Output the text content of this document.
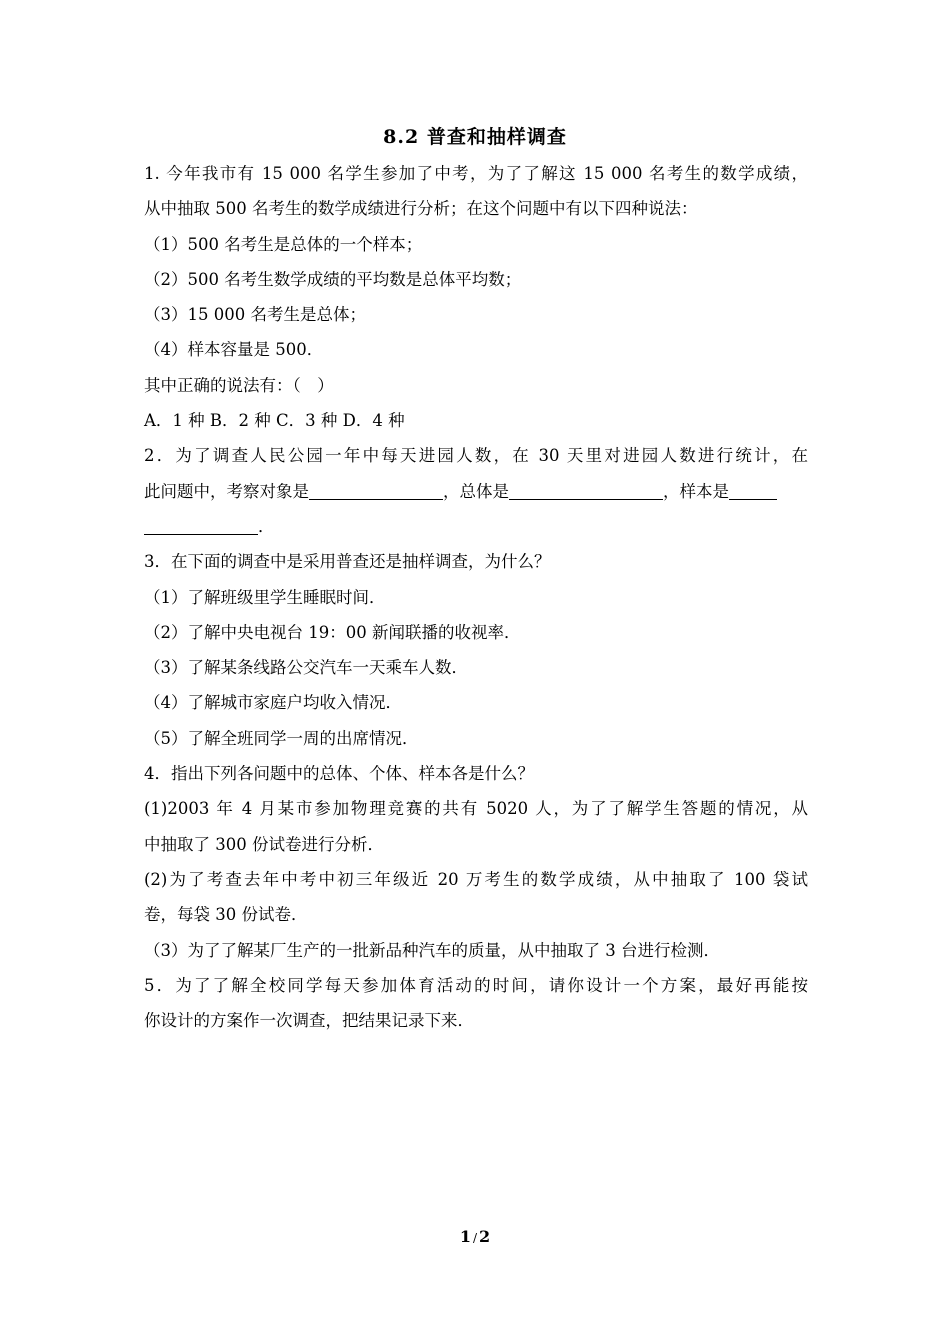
8.2 普查和抽样调查
1. 今年我市有 15 000 名学生参加了中考，为了了解这 15 000 名考生的数学成绩，
从中抽取 500 名考生的数学成绩进行分析；在这个问题中有以下四种说法：
（1）500 名考生是总体的一个样本；
（2）500 名考生数学成绩的平均数是总体平均数；
（3）15 000 名考生是总体；
（4）样本容量是 500．
其中正确的说法有：（　）
A．1 种 B．2 种 C．3 种 D．4 种
2．为了调查人民公园一年中每天进园人数，在 30 天里对进园人数进行统计，在
此问题中，考察对象是	，总体是	，样本是
．
3．在下面的调查中是采用普查还是抽样调查，为什么？
（1）了解班级里学生睡眠时间．
（2）了解中央电视台 19：00 新闻联播的收视率．
（3）了解某条线路公交汽车一天乘车人数．
（4）了解城市家庭户均收入情况．
（5）了解全班同学一周的出席情况．
4．指出下列各问题中的总体、个体、样本各是什么？
(1)2003 年 4 月某市参加物理竞赛的共有 5020 人，为了了解学生答题的情况，从
中抽取了 300 份试卷进行分析．
(2)为了考查去年中考中初三年级近 20 万考生的数学成绩，从中抽取了 100 袋试
卷，每袋 30 份试卷．
（3）为了了解某厂生产的一批新品种汽车的质量，从中抽取了 3 台进行检测．
5．为了了解全校同学每天参加体育活动的时间，请你设计一个方案，最好再能按
你设计的方案作一次调查，把结果记录下来．
1 / 2
